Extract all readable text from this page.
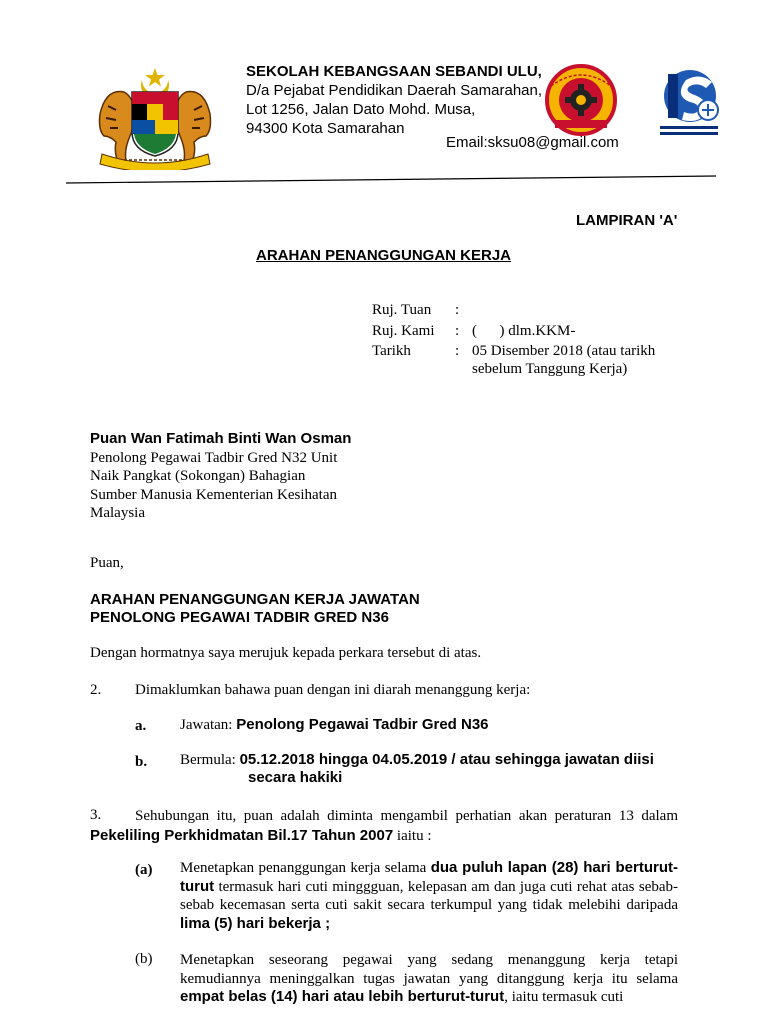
SEKOLAH KEBANGSAAN SEBANDI ULU,
D/a Pejabat Pendidikan Daerah Samarahan,
Lot 1256, Jalan Dato Mohd. Musa,
94300 Kota Samarahan
Email:sksu08@gmail.com
LAMPIRAN 'A'
ARAHAN PENANGGUNGAN KERJA
Ruj. Tuan :
Ruj. Kami : (      ) dlm.KKM-
Tarikh	: 05 Disember 2018 (atau tarikh sebelum Tanggung Kerja)
Puan Wan Fatimah Binti Wan Osman
Penolong Pegawai Tadbir Gred N32 Unit
Naik Pangkat (Sokongan) Bahagian
Sumber Manusia Kementerian Kesihatan
Malaysia
Puan,
ARAHAN PENANGGUNGAN KERJA JAWATAN
PENOLONG PEGAWAI TADBIR GRED N36
Dengan hormatnya saya merujuk kepada perkara tersebut di atas.
2. Dimaklumkan bahawa puan dengan ini diarah menanggung kerja:
a. Jawatan: Penolong Pegawai Tadbir Gred N36
b. Bermula: 05.12.2018 hingga 04.05.2019 / atau sehingga jawatan diisi
secara hakiki
3.	Sehubungan itu, puan adalah diminta mengambil perhatian akan peraturan 13 dalam Pekeliling Perkhidmatan Bil.17 Tahun 2007 iaitu :
(a) Menetapkan penanggungan kerja selama dua puluh lapan (28) hari berturut-turut termasuk hari cuti minggguan, kelepasan am dan juga cuti rehat atas sebab-sebab kecemasan serta cuti sakit secara terkumpul yang tidak melebihi daripada lima (5) hari bekerja ;
(b) Menetapkan seseorang pegawai yang sedang menanggung kerja tetapi kemudiannya meninggalkan tugas jawatan yang ditanggung kerja itu selama empat belas (14) hari atau lebih berturut-turut, iaitu termasuk cuti
